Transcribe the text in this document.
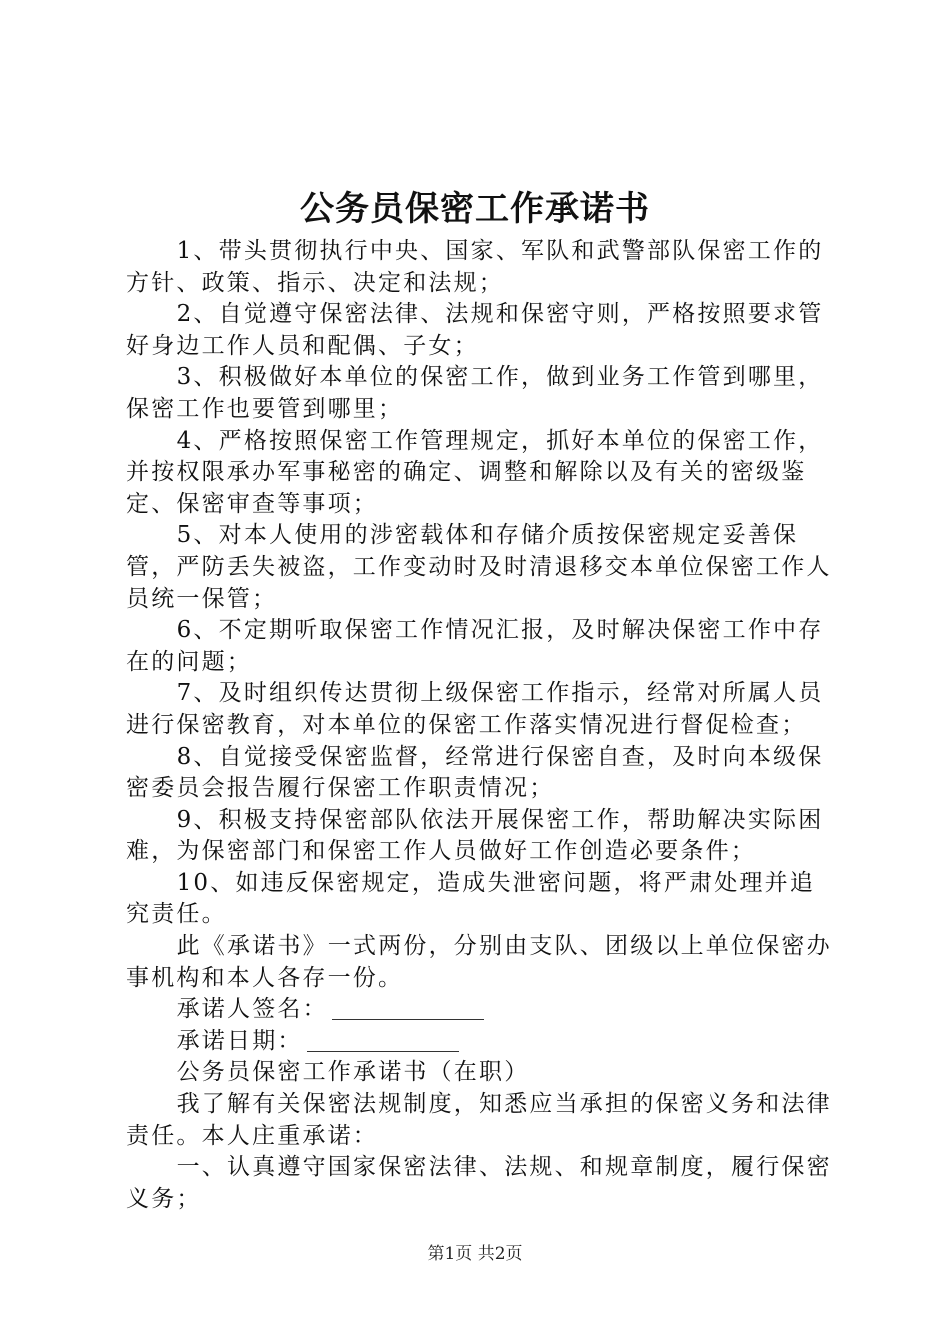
公务员保密工作承诺书

1、带头贯彻执行中央、国家、军队和武警部队保密工作的方针、政策、指示、决定和法规；

2、自觉遵守保密法律、法规和保密守则，严格按照要求管好身边工作人员和配偶、子女；

3、积极做好本单位的保密工作，做到业务工作管到哪里，保密工作也要管到哪里；

4、严格按照保密工作管理规定，抓好本单位的保密工作，并按权限承办军事秘密的确定、调整和解除以及有关的密级鉴定、保密审查等事项；

5、对本人使用的涉密载体和存储介质按保密规定妥善保管，严防丢失被盗，工作变动时及时清退移交本单位保密工作人员统一保管；

6、不定期听取保密工作情况汇报，及时解决保密工作中存在的问题；

7、及时组织传达贯彻上级保密工作指示，经常对所属人员进行保密教育，对本单位的保密工作落实情况进行督促检查；

8、自觉接受保密监督，经常进行保密自查，及时向本级保密委员会报告履行保密工作职责情况；

9、积极支持保密部队依法开展保密工作，帮助解决实际困难，为保密部门和保密工作人员做好工作创造必要条件；

10、如违反保密规定，造成失泄密问题，将严肃处理并追究责任。

此《承诺书》一式两份，分别由支队、团级以上单位保密办事机构和本人各存一份。

承诺人签名：

承诺日期：

公务员保密工作承诺书（在职）

我了解有关保密法规制度，知悉应当承担的保密义务和法律责任。本人庄重承诺：

一、认真遵守国家保密法律、法规、和规章制度，履行保密义务；

第1页 共2页
